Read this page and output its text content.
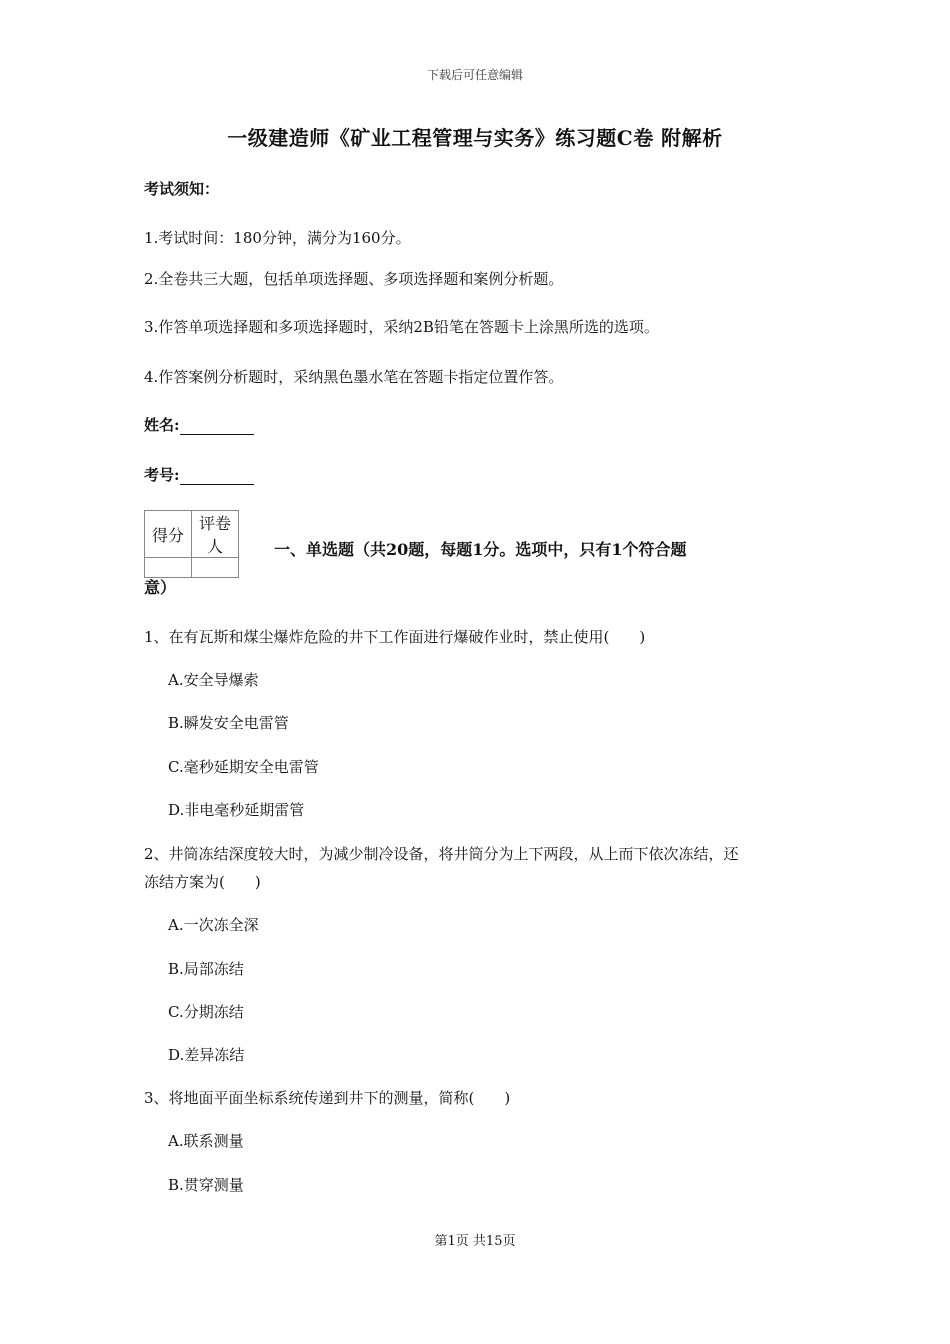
下载后可任意编辑
一级建造师《矿业工程管理与实务》练习题C卷 附解析
考试须知：
1.考试时间：180分钟，满分为160分。
2.全卷共三大题，包括单项选择题、多项选择题和案例分析题。
3.作答单项选择题和多项选择题时，采纳2B铅笔在答题卡上涂黑所选的选项。
4.作答案例分析题时，采纳黑色墨水笔在答题卡指定位置作答。
姓名:
考号:
得分	评卷人
		一、单选题（共20题，每题1分。选项中，只有1个符合题
意）
1、在有瓦斯和煤尘爆炸危险的井下工作面进行爆破作业时，禁止使用(　　)
A.安全导爆索
B.瞬发安全电雷管
C.毫秒延期安全电雷管
D.非电毫秒延期雷管
2、井筒冻结深度较大时，为减少制冷设备，将井筒分为上下两段，从上而下依次冻结，还
冻结方案为(　　)
A.一次冻全深
B.局部冻结
C.分期冻结
D.差异冻结
3、将地面平面坐标系统传递到井下的测量，简称(　　)
A.联系测量
B.贯穿测量
第1页 共15页
